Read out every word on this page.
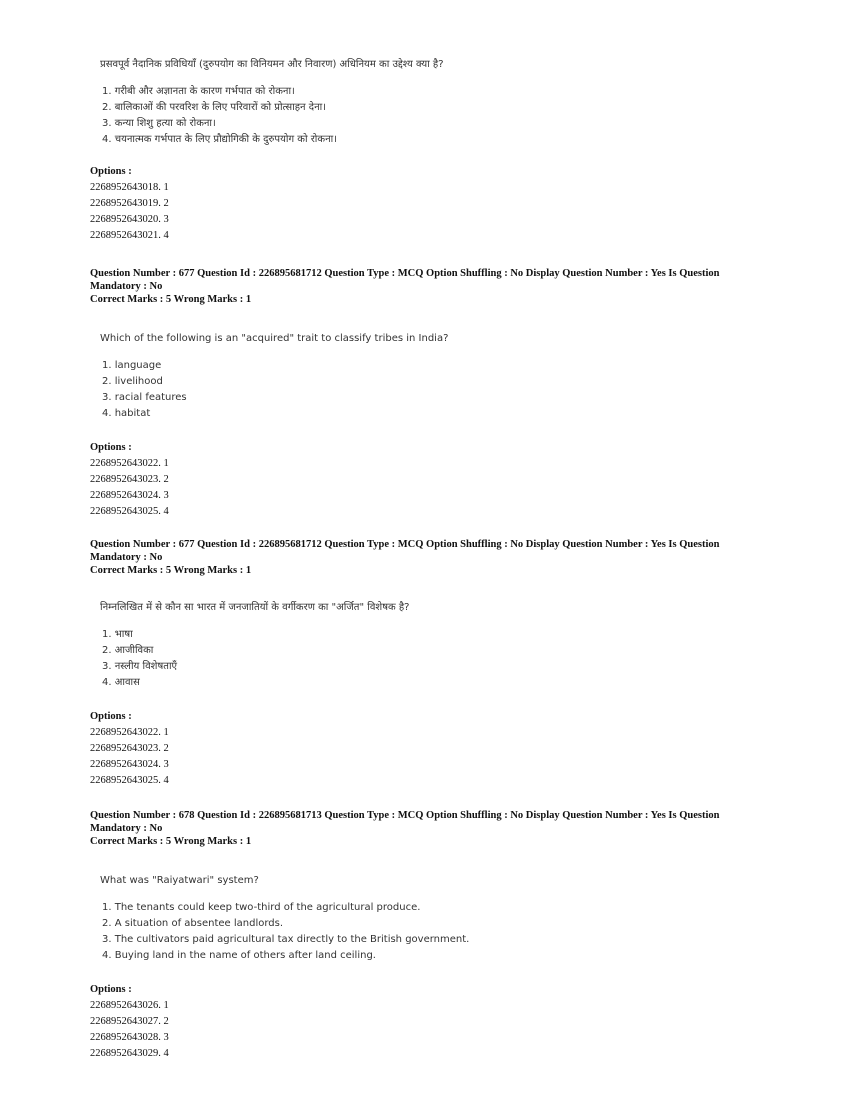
प्रसवपूर्व नैदानिक प्रविधियाँ (दुरुपयोग का विनियमन और निवारण) अधिनियम का उद्देश्य क्या है?

1. गरीबी और अज्ञानता के कारण गर्भपात को रोकना।
2. बालिकाओं की परवरिश के लिए परिवारों को प्रोत्साहन देना।
3. कन्या शिशु हत्या को रोकना।
4. चयनात्मक गर्भपात के लिए प्रौद्योगिकी के दुरुपयोग को रोकना।
Options :
2268952643018. 1
2268952643019. 2
2268952643020. 3
2268952643021. 4
Question Number : 677 Question Id : 226895681712 Question Type : MCQ Option Shuffling : No Display Question Number : Yes Is Question
Mandatory : No
Correct Marks : 5 Wrong Marks : 1

Which of the following is an "acquired" trait to classify tribes in India?

1. language
2. livelihood
3. racial features
4. habitat
Options :
2268952643022. 1
2268952643023. 2
2268952643024. 3
2268952643025. 4
Question Number : 677 Question Id : 226895681712 Question Type : MCQ Option Shuffling : No Display Question Number : Yes Is Question
Mandatory : No
Correct Marks : 5 Wrong Marks : 1

निम्नलिखित में से कौन सा भारत में जनजातियों के वर्गीकरण का "अर्जित" विशेषक है?

1. भाषा
2. आजीविका
3. नस्लीय विशेषताएँ
4. आवास
Options :
2268952643022. 1
2268952643023. 2
2268952643024. 3
2268952643025. 4
Question Number : 678 Question Id : 226895681713 Question Type : MCQ Option Shuffling : No Display Question Number : Yes Is Question
Mandatory : No
Correct Marks : 5 Wrong Marks : 1

What was "Raiyatwari" system?

1. The tenants could keep two-third of the agricultural produce.
2. A situation of absentee landlords.
3. The cultivators paid agricultural tax directly to the British government.
4. Buying land in the name of others after land ceiling.
Options :
2268952643026. 1
2268952643027. 2
2268952643028. 3
2268952643029. 4
